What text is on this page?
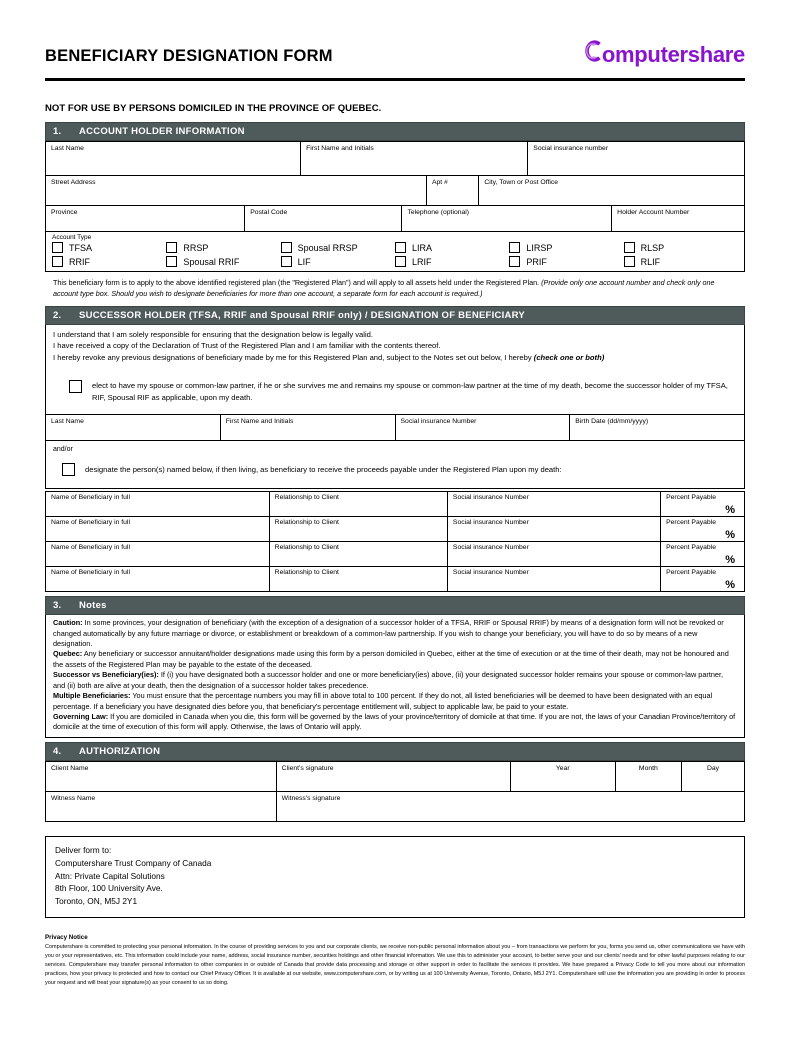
BENEFICIARY DESIGNATION FORM	omputershare
NOT FOR USE BY PERSONS DOMICILED IN THE PROVINCE OF QUEBEC.
1. ACCOUNT HOLDER INFORMATION
Last Name	First Name and Initials	Social insurance number
Street Address	Apt #	City, Town or Post Office
Province	Postal Code	Telephone (optional)	Holder Account Number
Account Type
TFSA	RRSP	Spousal RRSP	LIRA	LIRSP	RLSP
RRIF	Spousal RRIF	LIF	LRIF	PRIF	RLIF
This beneficiary form is to apply to the above identified registered plan (the "Registered Plan") and will apply to all assets held under the Registered Plan. (Provide only one account number and check only one account type box. Should you wish to designate beneficiaries for more than one account, a separate form for each account is required.)
2. SUCCESSOR HOLDER (TFSA, RRIF and Spousal RRIF only) / DESIGNATION OF BENEFICIARY
I understand that I am solely responsible for ensuring that the designation below is legally valid.
I have received a copy of the Declaration of Trust of the Registered Plan and I am familiar with the contents thereof.
I hereby revoke any previous designations of beneficiary made by me for this Registered Plan and, subject to the Notes set out below, I hereby (check one or both)
elect to have my spouse or common-law partner, if he or she survives me and remains my spouse or common-law partner at the time of my death, become the successor holder of my TFSA, RIF, Spousal RIF as applicable, upon my death.
Last Name	First Name and Initials	Social insurance Number	Birth Date (dd/mm/yyyy)
and/or
designate the person(s) named below, if then living, as beneficiary to receive the proceeds payable under the Registered Plan upon my death:
Name of Beneficiary in full	Relationship to Client	Social insurance Number	Percent Payable
%

Name of Beneficiary in full	Relationship to Client	Social insurance Number	Percent Payable
%

Name of Beneficiary in full	Relationship to Client	Social insurance Number	Percent Payable
%

Name of Beneficiary in full	Relationship to Client	Social insurance Number	Percent Payable
%
3. Notes

Caution: In some provinces, your designation of beneficiary (with the exception of a designation of a successor holder of a TFSA, RRIF or Spousal RRIF) by means of a designation form will not be revoked or changed automatically by any future marriage or divorce, or establishment or breakdown of a common-law partnership. If you wish to change your beneficiary, you will have to do so by means of a new designation.

Quebec: Any beneficiary or successor annuitant/holder designations made using this form by a person domiciled in Quebec, either at the time of execution or at the time of their death, may not be honoured and the assets of the Registered Plan may be payable to the estate of the deceased.

Successor vs Beneficiary(ies): If (i) you have designated both a successor holder and one or more beneficiary(ies) above, (ii) your designated successor holder remains your spouse or common-law partner, and (ii) both are alive at your death, then the designation of a successor holder takes precedence.

Multiple Beneficiaries: You must ensure that the percentage numbers you may fill in above total to 100 percent. If they do not, all listed beneficiaries will be deemed to have been designated with an equal percentage. If a beneficiary you have designated dies before you, that beneficiary's percentage entitlement will, subject to applicable law, be paid to your estate.

Governing Law: If you are domiciled in Canada when you die, this form will be governed by the laws of your province/territory of domicile at that time. If you are not, the laws of your Canadian Province/territory of domicile at the time of execution of this form will apply. Otherwise, the laws of Ontario will apply.

4. AUTHORIZATION
Client Name	Client's signature	Year	Month	Day
Witness Name	Witness's signature
Deliver form to:
Computershare Trust Company of Canada
Attn: Private Capital Solutions
8th Floor, 100 University Ave.
Toronto, ON, M5J 2Y1
Privacy Notice
Computershare is committed to protecting your personal information. In the course of providing services to you and our corporate clients, we receive non-public personal information about you – from transactions we perform for you, forms you send us, other communications we have with you or your representatives, etc. This information could include your name, address, social insurance number, securities holdings and other financial information. We use this to administer your account, to better serve your and our clients' needs and for other lawful purposes relating to our services. Computershare may transfer personal information to other companies in or outside of Canada that provide data processing and storage or other support in order to facilitate the services it provides. We have prepared a Privacy Code to tell you more about our information practices, how your privacy is protected and how to contact our Chief Privacy Officer. It is available at our website, www.computershare.com, or by writing us at 100 University Avenue, Toronto, Ontario, M5J 2Y1. Computershare will use the information you are providing in order to process your request and will treat your signature(s) as your consent to us so doing.
